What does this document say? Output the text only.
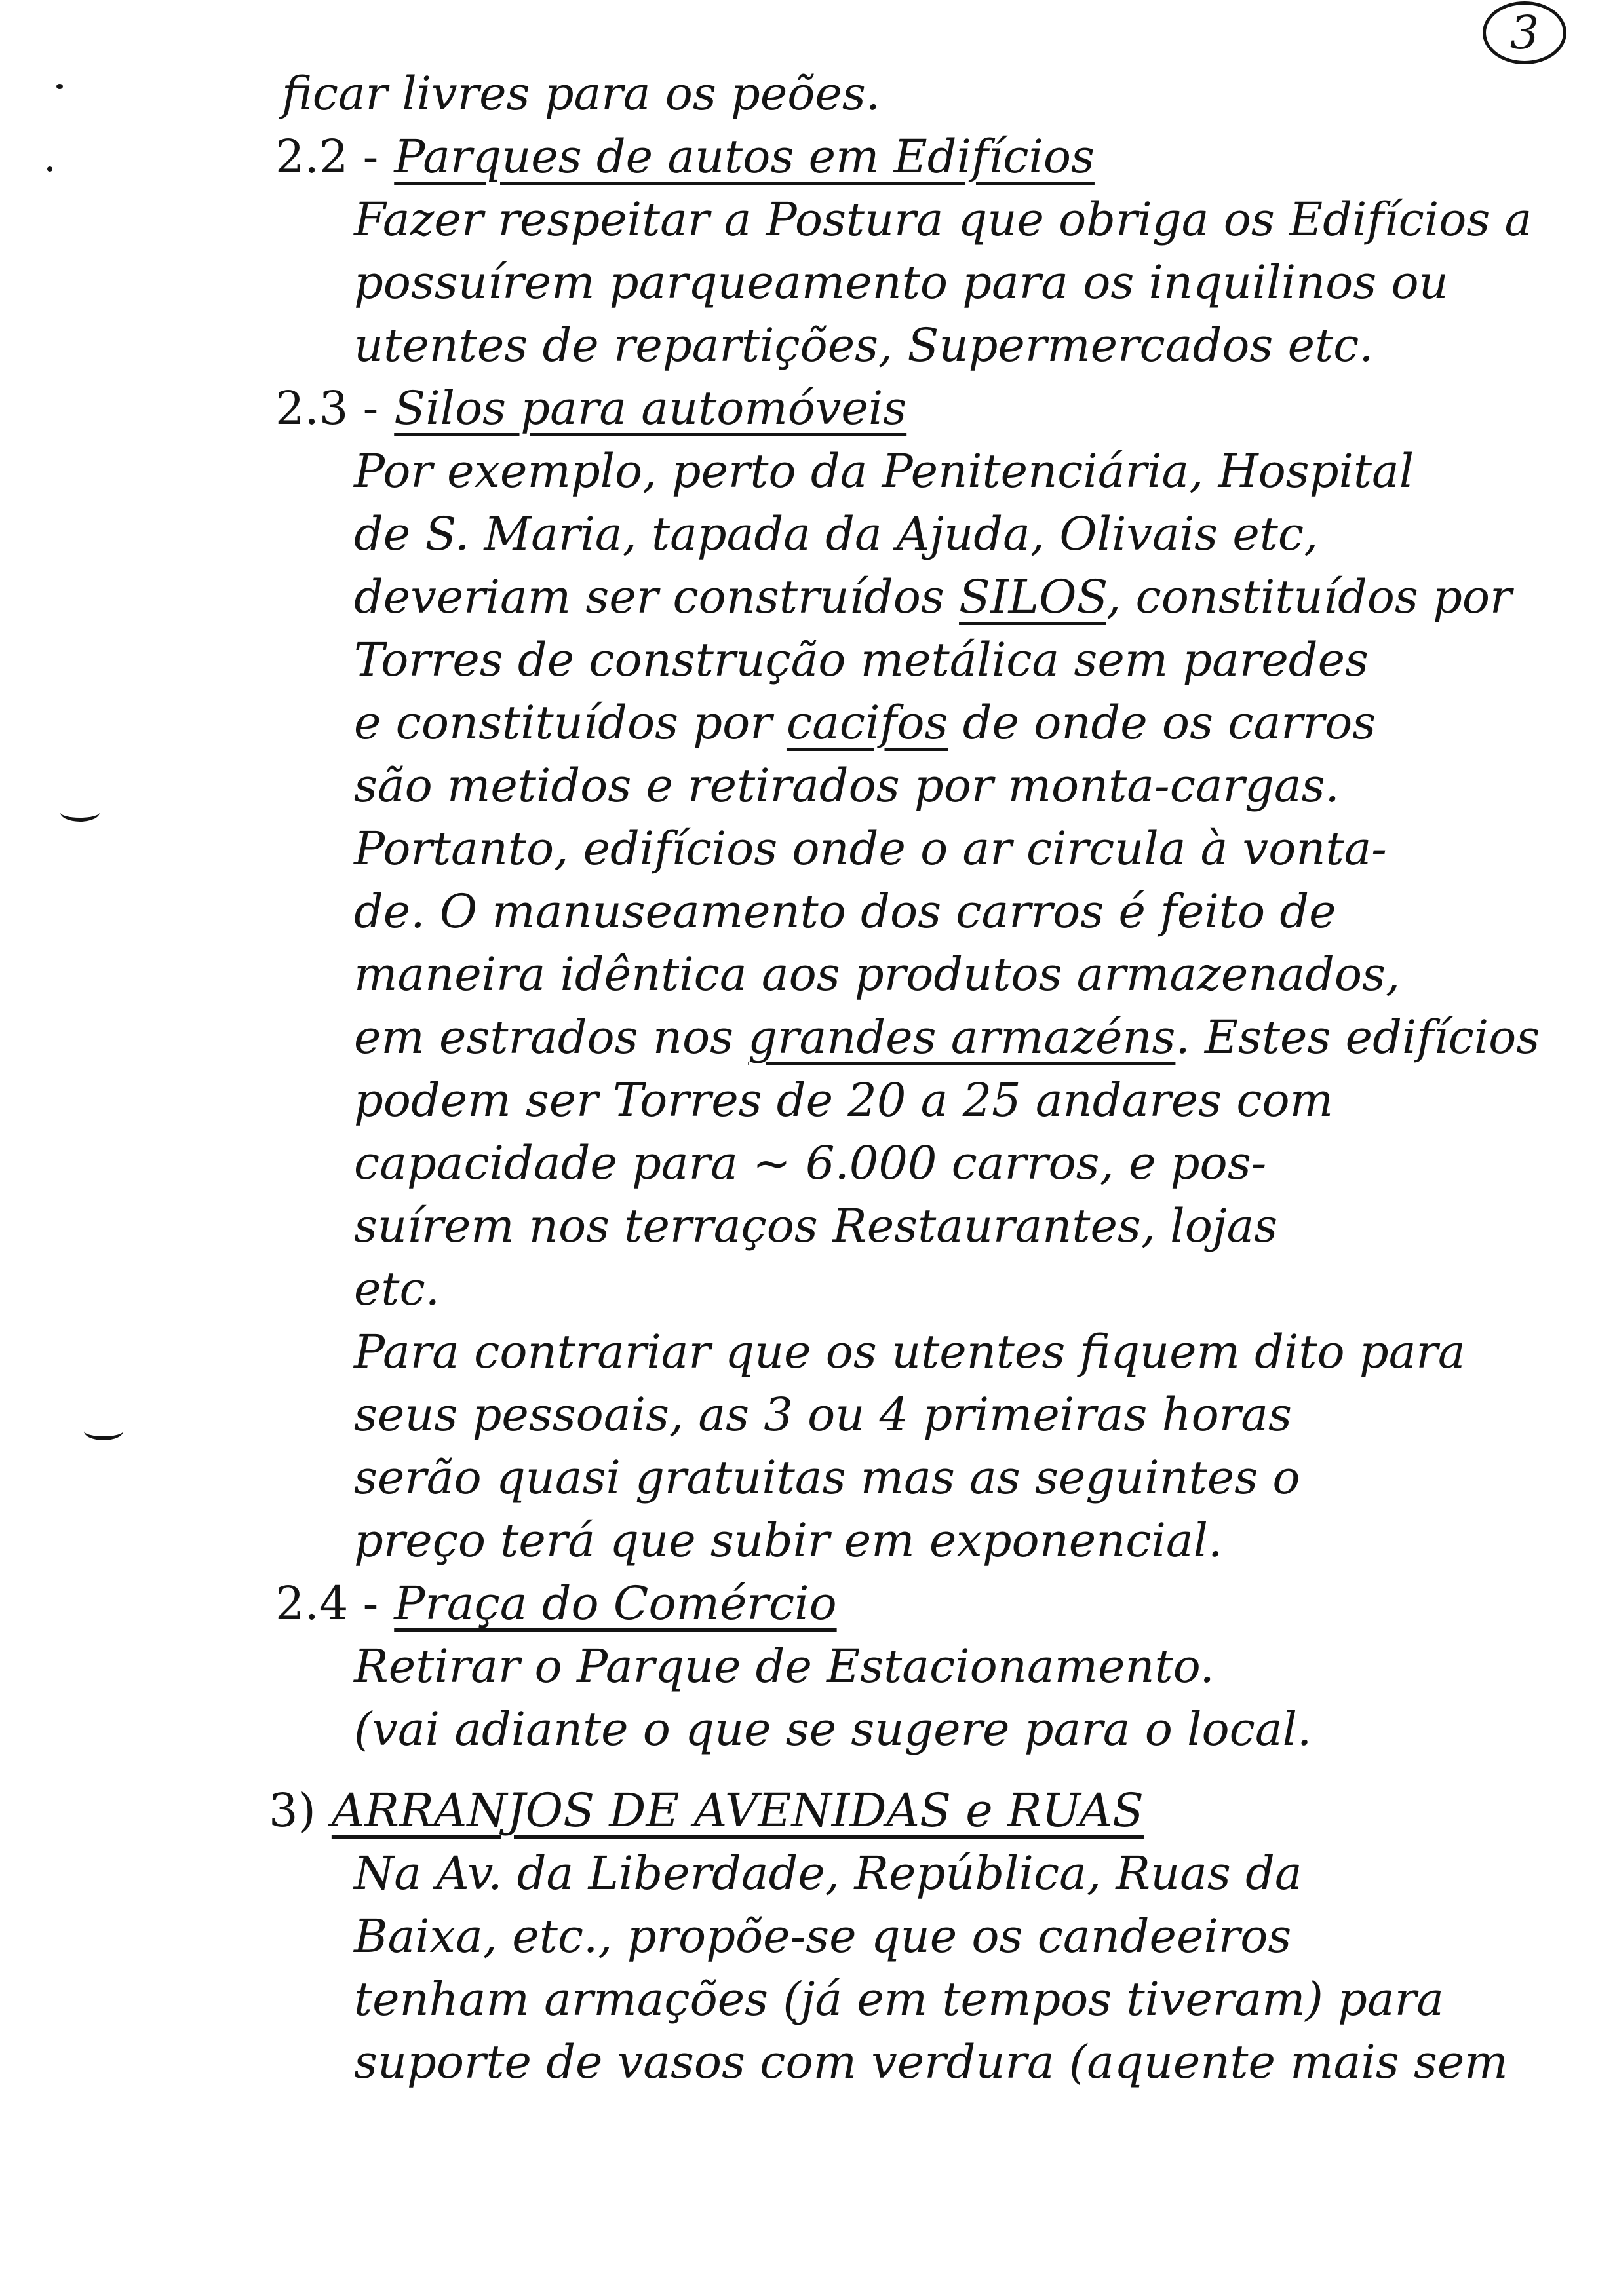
3
ficar livres para os peões.
2.2 - Parques de autos em Edifícios
Fazer respeitar a Postura que obriga os Edifícios a
possuírem parqueamento para os inquilinos ou
utentes de repartições, Supermercados etc.
2.3 - Silos para automóveis
Por exemplo, perto da Penitenciária, Hospital
de S. Maria, tapada da Ajuda, Olivais etc,
deveriam ser construídos SILOS, constituídos por
Torres de construção metálica sem paredes
e constituídos por cacifos de onde os carros
são metidos e retirados por monta-cargas.
Portanto, edifícios onde o ar circula à vonta-
de. O manuseamento dos carros é feito de
maneira idêntica aos produtos armazenados,
em estrados nos grandes armazéns. Estes edifícios
podem ser Torres de 20 a 25 andares com
capacidade para ~ 6.000 carros, e pos-
suírem nos terraços Restaurantes, lojas
etc.
Para contrariar que os utentes fiquem dito para
seus pessoais, as 3 ou 4 primeiras horas
serão quasi gratuitas mas as seguintes o
preço terá que subir em exponencial.
2.4 - Praça do Comércio
Retirar o Parque de Estacionamento.
(vai adiante o que se sugere para o local.
3) ARRANJOS DE AVENIDAS e RUAS
Na Av. da Liberdade, República, Ruas da
Baixa, etc., propõe-se que os candeeiros
tenham armações (já em tempos tiveram) para
suporte de vasos com verdura (aquente mais sem
